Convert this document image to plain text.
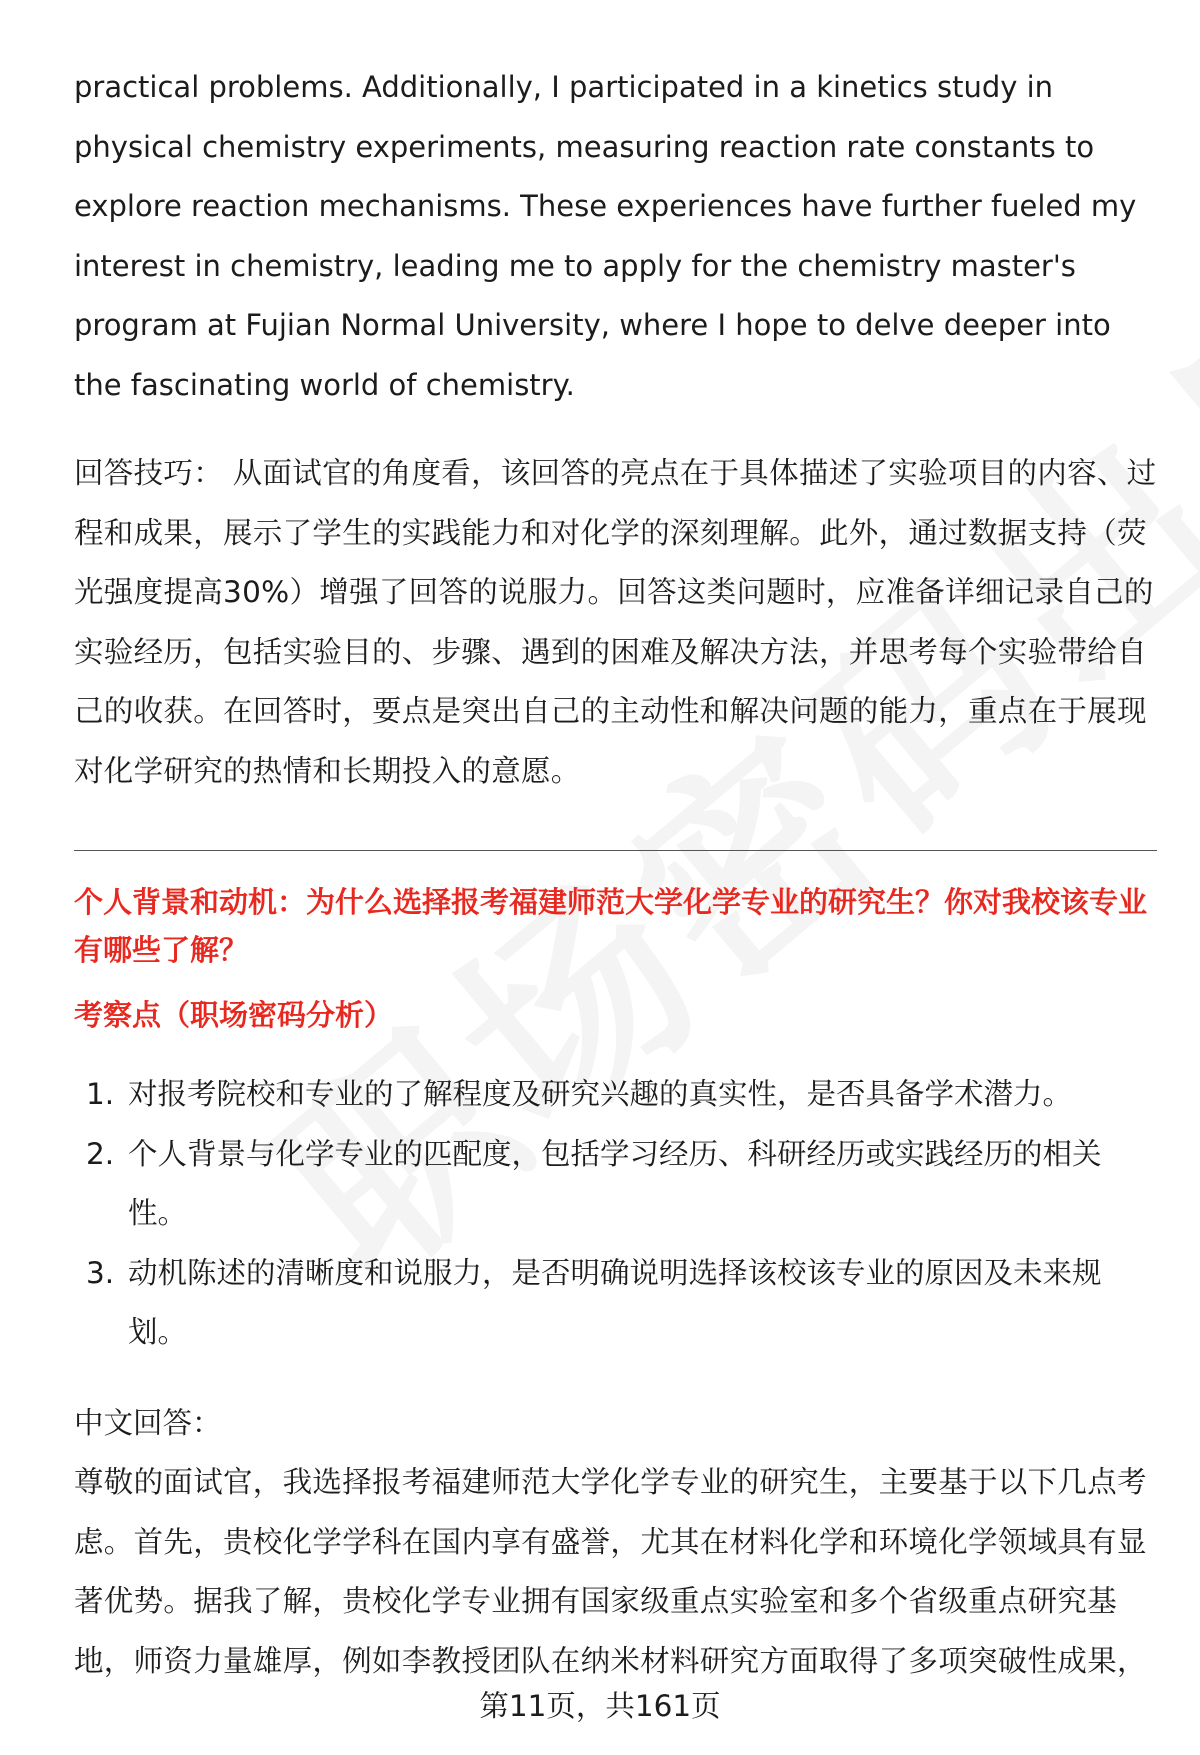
practical problems. Additionally, I participated in a kinetics study in physical chemistry experiments, measuring reaction rate constants to explore reaction mechanisms. These experiences have further fueled my interest in chemistry, leading me to apply for the chemistry master's program at Fujian Normal University, where I hope to delve deeper into the fascinating world of chemistry.

回答技巧： 从面试官的角度看，该回答的亮点在于具体描述了实验项目的内容、过程和成果，展示了学生的实践能力和对化学的深刻理解。此外，通过数据支持（荧光强度提高30%）增强了回答的说服力。回答这类问题时，应准备详细记录自己的实验经历，包括实验目的、步骤、遇到的困难及解决方法，并思考每个实验带给自己的收获。在回答时，要点是突出自己的主动性和解决问题的能力，重点在于展现对化学研究的热情和长期投入的意愿。

个人背景和动机：为什么选择报考福建师范大学化学专业的研究生？你对我校该专业有哪些了解？

考察点（职场密码分析）

1. 对报考院校和专业的了解程度及研究兴趣的真实性，是否具备学术潜力。
2. 个人背景与化学专业的匹配度，包括学习经历、科研经历或实践经历的相关性。
3. 动机陈述的清晰度和说服力，是否明确说明选择该校该专业的原因及未来规划。

中文回答：

尊敬的面试官，我选择报考福建师范大学化学专业的研究生，主要基于以下几点考虑。首先，贵校化学学科在国内享有盛誉，尤其在材料化学和环境化学领域具有显著优势。据我了解，贵校化学专业拥有国家级重点实验室和多个省级重点研究基地，师资力量雄厚，例如李教授团队在纳米材料研究方面取得了多项突破性成果，

第11页，共161页
